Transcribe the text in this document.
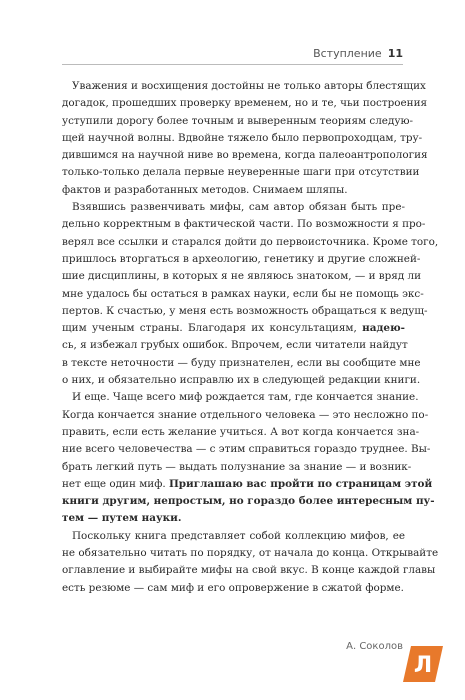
Вступление 11
Уважения и восхищения достойны не только авторы блестящих
догадок, прошедших проверку временем, но и те, чьи построения
уступили дорогу более точным и выверенным теориям следую-
щей научной волны. Вдвойне тяжело было первопроходцам, тру-
дившимся на научной ниве во времена, когда палеоантропология
только-только делала первые неуверенные шаги при отсутствии
фактов и разработанных методов. Снимаем шляпы.
Взявшись развенчивать мифы, сам автор обязан быть пре-
дельно корректным в фактической части. По возможности я про-
верял все ссылки и старался дойти до первоисточника. Кроме того,
пришлось вторгаться в археологию, генетику и другие сложней-
шие дисциплины, в которых я не являюсь знатоком, — и вряд ли
мне удалось бы остаться в рамках науки, если бы не помощь экс-
пертов. К счастью, у меня есть возможность обращаться к ведущ-
щим ученым страны. Благодаря их консультациям, надею-
сь, я избежал грубых ошибок. Впрочем, если читатели найдут
в тексте неточности — буду признателен, если вы сообщите мне
о них, и обязательно исправлю их в следующей редакции книги.
И еще. Чаще всего миф рождается там, где кончается знание.
Когда кончается знание отдельного человека — это несложно по-
править, если есть желание учиться. А вот когда кончается зна-
ние всего человечества — с этим справиться гораздо труднее. Вы-
брать легкий путь — выдать полузнание за знание — и возник-
нет еще один миф. Приглашаю вас пройти по страницам этой
книги другим, непростым, но гораздо более интересным пу-
тем — путем науки.
Поскольку книга представляет собой коллекцию мифов, ее
не обязательно читать по порядку, от начала до конца. Открывайте
оглавление и выбирайте мифы на свой вкус. В конце каждой главы
есть резюме — сам миф и его опровержение в сжатой форме.
А. Соколов
Л
